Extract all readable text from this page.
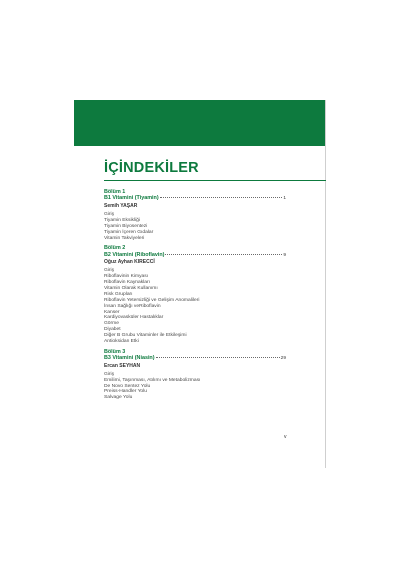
İÇİNDEKİLER
Bölüm 1
B1 Vitamini (Tiyamin)	1
Semih YAŞAR
Giriş
Tiyamin Eksikliği
Tiyamin Biyosentezi
Tiyamin İçeren Gıdalar
Vitamin Takviyeleri
Bölüm 2
B2 Vitamini (Riboflavin)	9
Oğuz Ayhan KIRECCİ
Giriş
Riboflavinin Kimyası
Riboflavin Kaynakları
Vitamin Olarak Kullanımı
Risk Grupları
Riboflavin Yetersizliği ve Gelişim Anomalileri
İnsan Sağlığı veRiboflavin
Kanser
Kardiyovasküler Hastalıklar
Görme
Diyabet
Diğer B Grubu Vitaminler ile Etkileşimi
Antioksidan Etki
Bölüm 3
B3 Vitamini (Niasin)	29
Ercan SEYHAN
Giriş
Emilimi, Taşınması, Atılımı ve Metabolizması
De Novo Sentez Yolu
Preiss-Handler Yolu
Salvage Yolu
v
